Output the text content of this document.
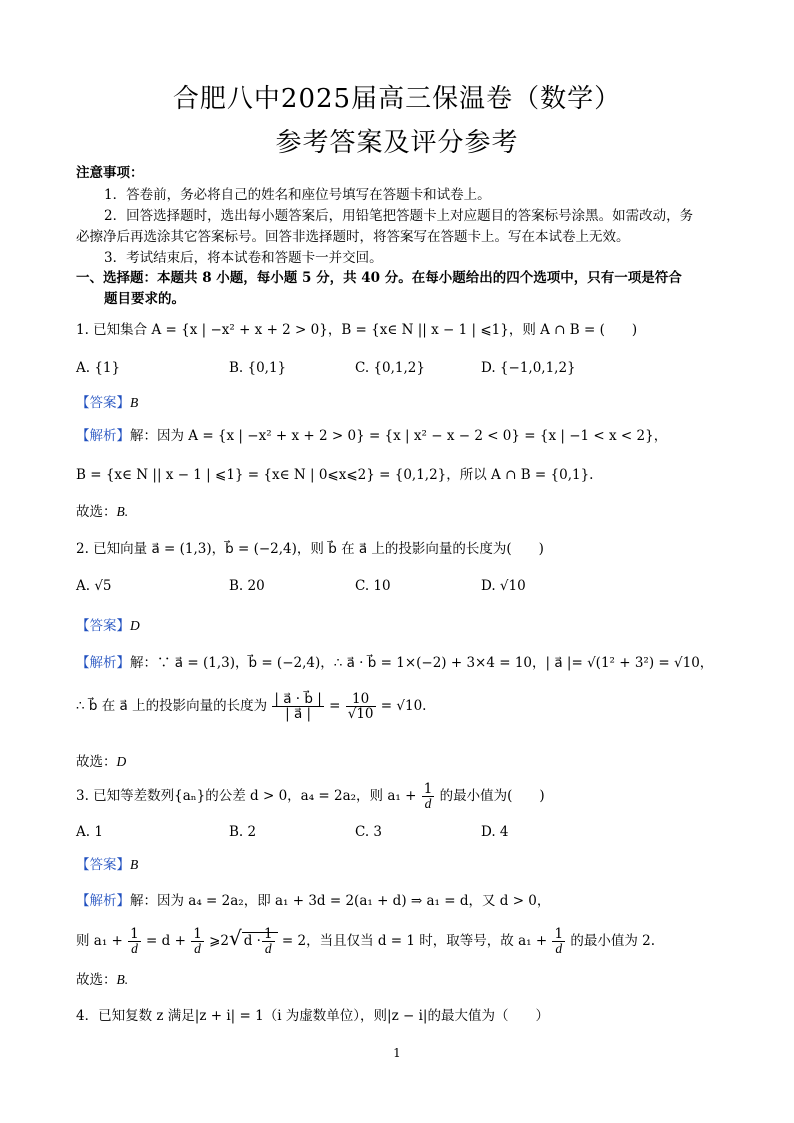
合肥八中2025届高三保温卷（数学）
参考答案及评分参考
注意事项：
1．答卷前，务必将自己的姓名和座位号填写在答题卡和试卷上。
2．回答选择题时，选出每小题答案后，用铅笔把答题卡上对应题目的答案标号涂黑。如需改动，务
必擦净后再选涂其它答案标号。回答非选择题时，将答案写在答题卡上。写在本试卷上无效。
3．考试结束后，将本试卷和答题卡一并交回。
一、选择题：本题共 8 小题，每小题 5 分，共 40 分。在每小题给出的四个选项中，只有一项是符合
题目要求的。
1. 已知集合 A = {x | −x² + x + 2 > 0}，B = {x∈ N || x − 1 | ⩽1}，则 A ∩ B = (　　)
A. {1}	B. {0,1}	C. {0,1,2}	D. {−1,0,1,2}
【答案】B
【解析】解：因为 A = {x | −x² + x + 2 > 0} = {x | x² − x − 2 < 0} = {x | −1 < x < 2}，
B = {x∈ N || x − 1 | ⩽1} = {x∈ N | 0⩽x⩽2} = {0,1,2}，所以 A ∩ B = {0,1}.
故选：B.
2. 已知向量 a⃗ = (1,3)，b⃗ = (−2,4)，则 b⃗ 在 a⃗ 上的投影向量的长度为(　　)
A. √5	B. 20	C. 10	D. √10
【答案】D
【解析】解：∵ a⃗ = (1,3)，b⃗ = (−2,4)，∴ a⃗ · b⃗ = 1×(−2) + 3×4 = 10，| a⃗ |= √(1² + 3²) = √10，
∴ b⃗ 在 a⃗ 上的投影向量的长度为 $\frac{| a⃗ \cdot b⃗ |}{| a⃗ |} = \frac{10}{√10} = √10$.
故选：D
3. 已知等差数列{aₙ}的公差 d > 0，a₄ = 2a₂，则 $a_1 + \frac{1}{d}$ 的最小值为(　　)
A. 1	B. 2	C. 3	D. 4
【答案】B
【解析】解：因为 a₄ = 2a₂，即 a₁ + 3d = 2(a₁ + d) ⇒ a₁ = d，又 d > 0，
则 $a_1 + \frac{1}{d} = d + \frac{1}{d}$ ⩾2√ $d \cdot \frac{1}{d} = 2$，当且仅当 d = 1 时，取等号，故 $a_1 + \frac{1}{d}$ 的最小值为 2.
故选：B.
4．已知复数 z 满足|z + i| = 1（i 为虚数单位），则|z − i|的最大值为（　　）
1
